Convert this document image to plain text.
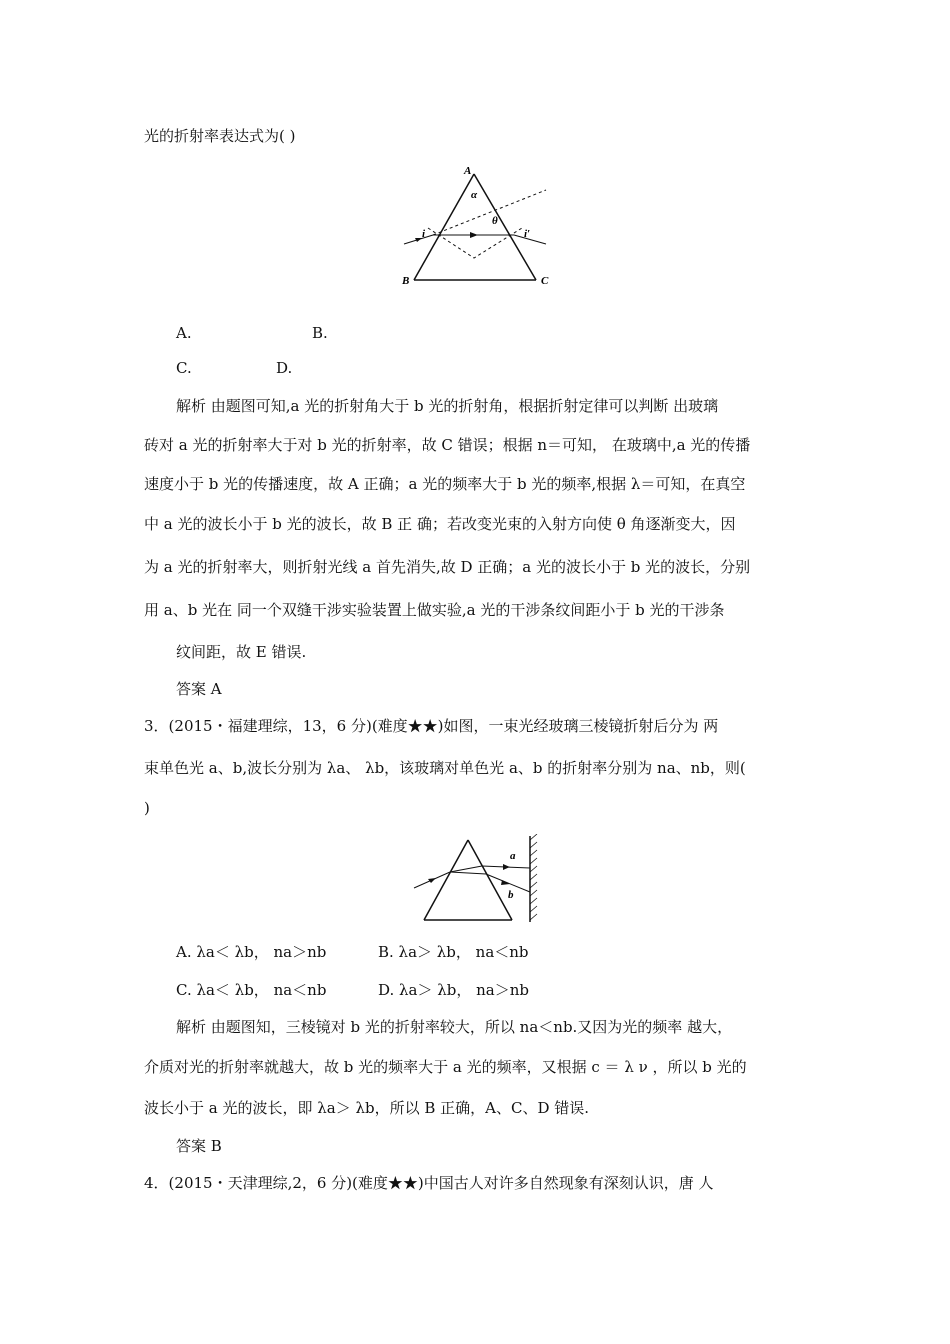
光的折射率表达式为( )
A
B	C
α
θ
i	i′
A.	B.
C.	D.
解析 由题图可知,a 光的折射角大于 b 光的折射角，根据折射定律可以判断 出玻璃
砖对 a 光的折射率大于对 b 光的折射率，故 C 错误；根据 n＝可知， 在玻璃中,a 光的传播
速度小于 b 光的传播速度，故 A 正确；a 光的频率大于 b 光的频率,根据 λ＝可知，在真空
中 a 光的波长小于 b 光的波长，故 B 正 确；若改变光束的入射方向使 θ 角逐渐变大，因
为 a 光的折射率大，则折射光线 a 首先消失,故 D 正确；a 光的波长小于 b 光的波长，分别
用 a、b 光在 同一个双缝干涉实验装置上做实验,a 光的干涉条纹间距小于 b 光的干涉条
纹间距，故 E 错误.
答案 A
3．(2015・福建理综，13，6 分)(难度★★)如图，一束光经玻璃三棱镜折射后分为 两
束单色光 a、b,波长分别为 λa、 λb，该玻璃对单色光 a、b 的折射率分别为 na、nb，则(
)
a
b
A. λa＜ λb， na＞nb	B. λa＞ λb， na＜nb
C. λa＜ λb， na＜nb	D. λa＞ λb， na＞nb
解析 由题图知，三棱镜对 b 光的折射率较大，所以 na＜nb.又因为光的频率 越大，
介质对光的折射率就越大，故 b 光的频率大于 a 光的频率，又根据 c ＝ λ ν ，所以 b 光的
波长小于 a 光的波长，即 λa＞ λb，所以 B 正确，A、C、D 错误.
答案 B
4．(2015・天津理综,2，6 分)(难度★★)中国古人对许多自然现象有深刻认识，唐 人
